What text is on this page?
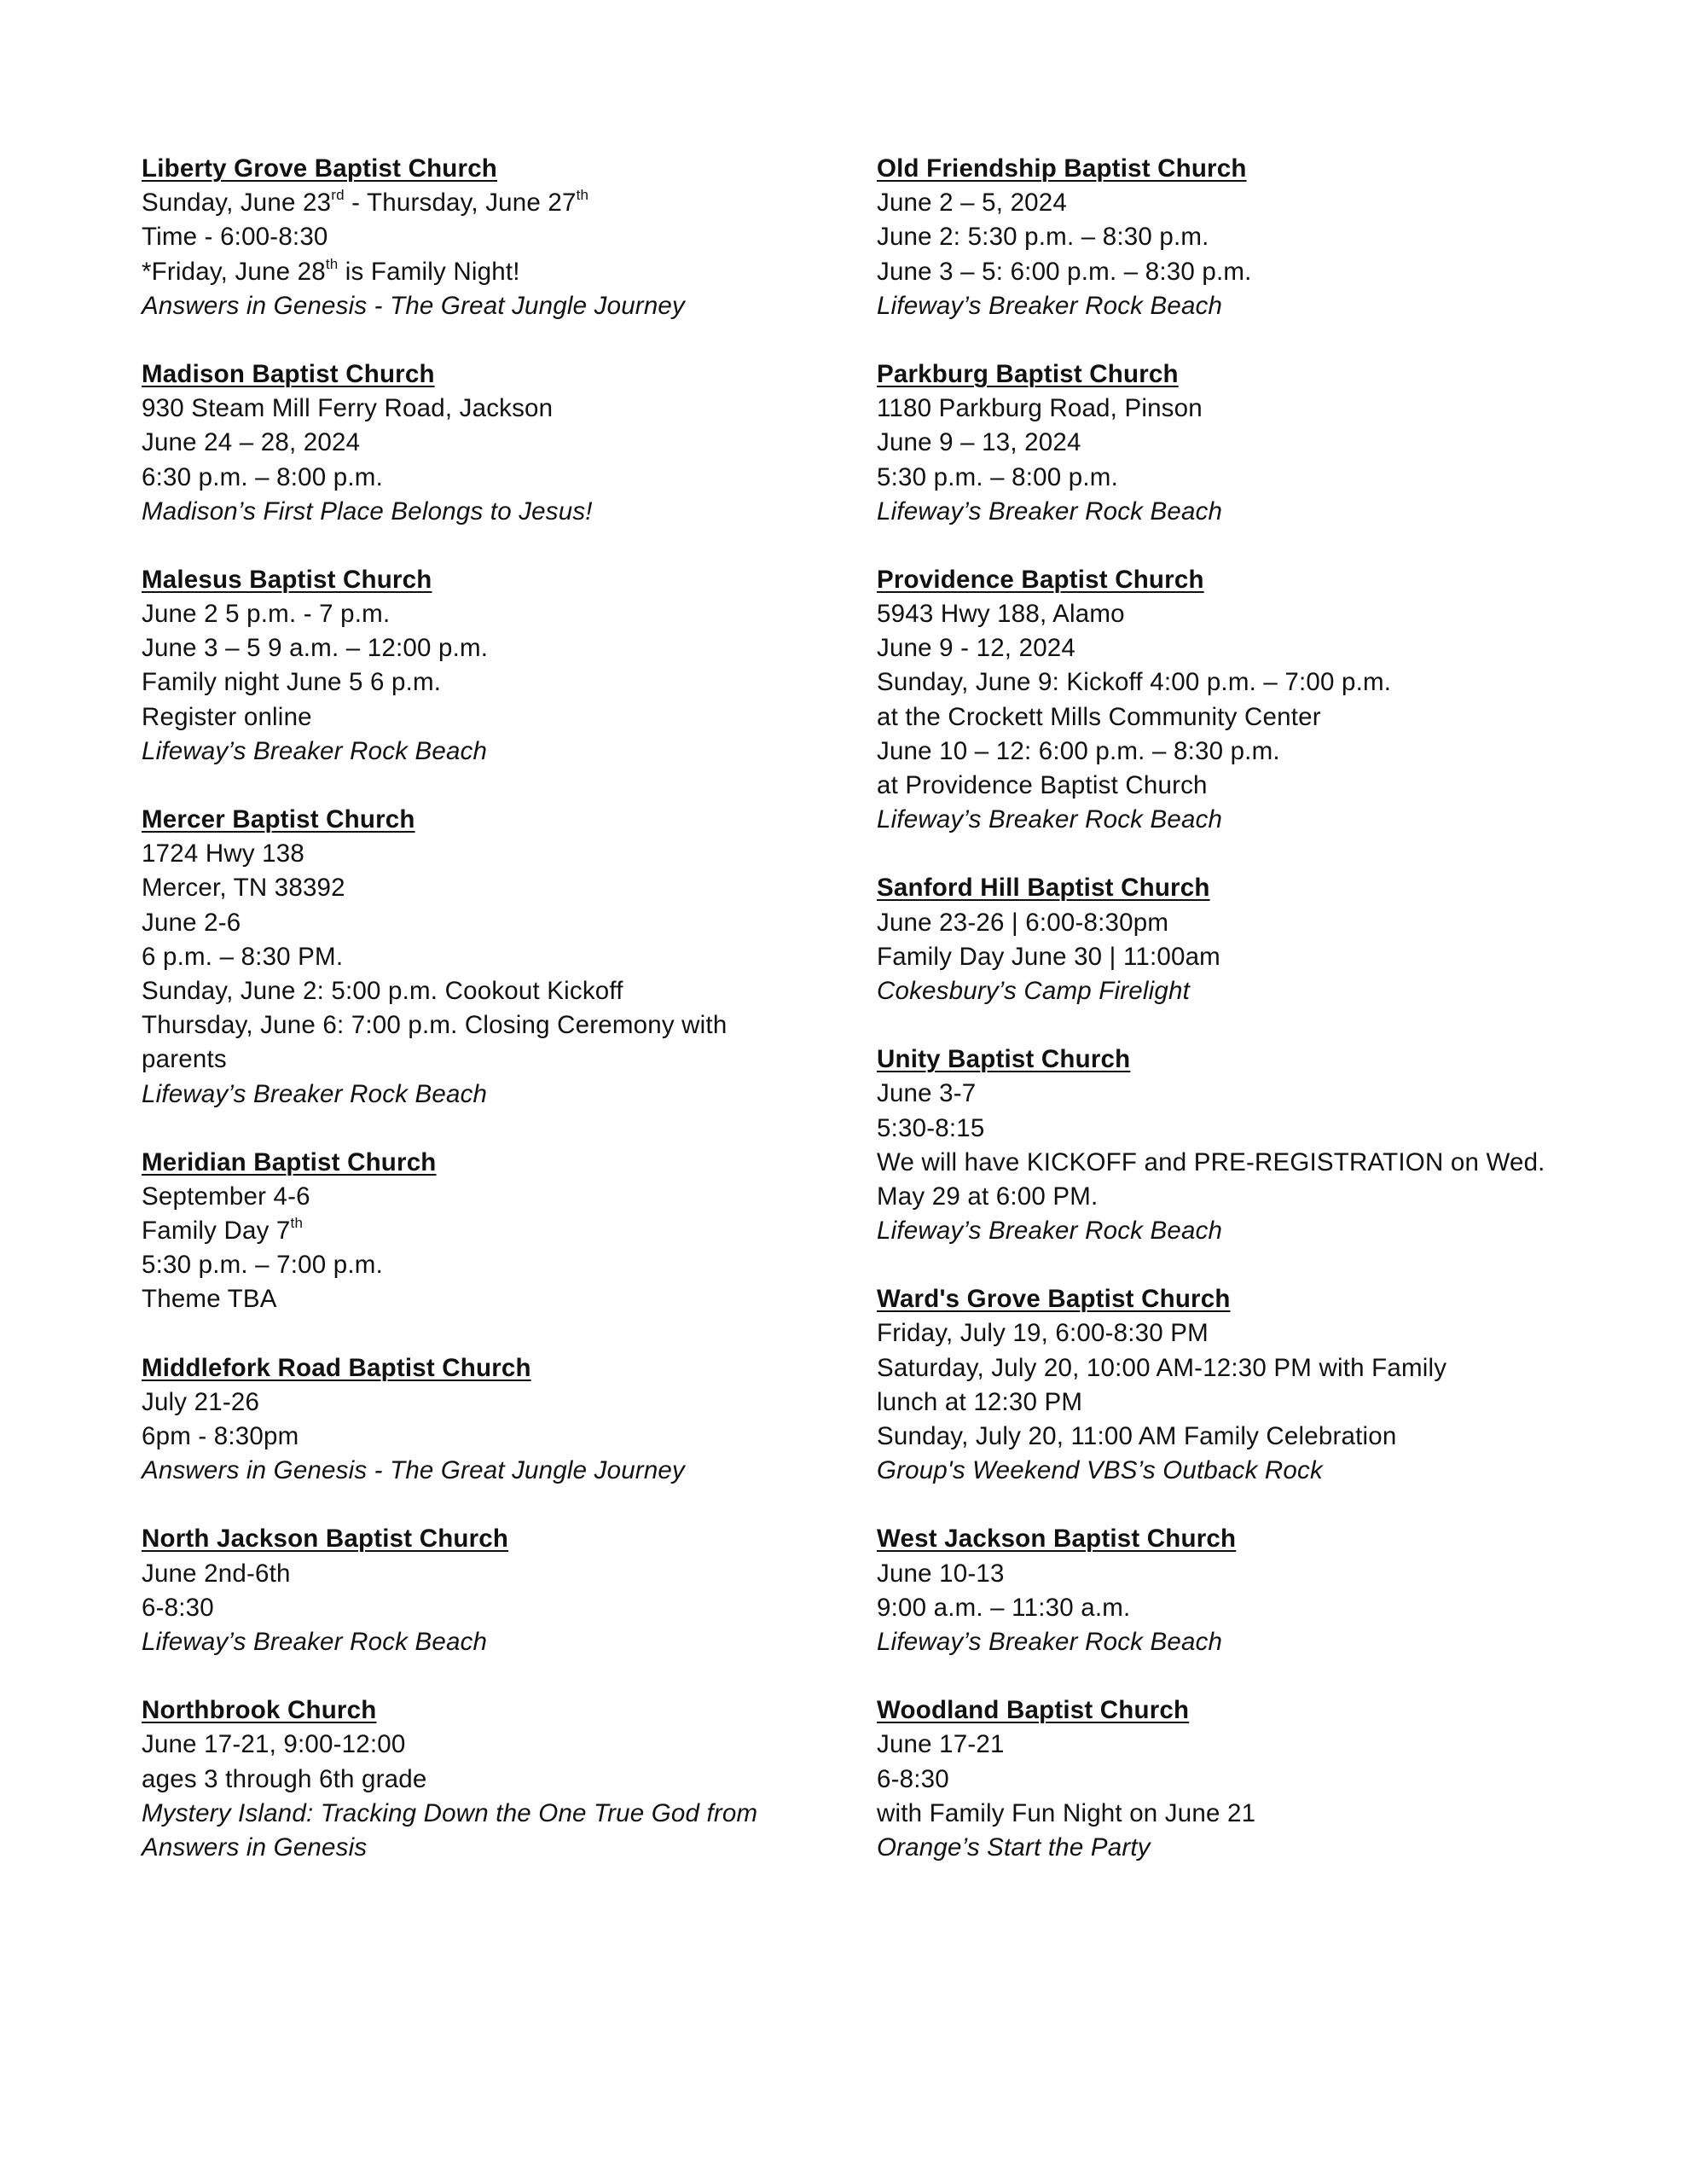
Liberty Grove Baptist Church
Sunday, June 23rd - Thursday, June 27th
Time - 6:00-8:30
*Friday, June 28th is Family Night!
Answers in Genesis - The Great Jungle Journey
Madison Baptist Church
930 Steam Mill Ferry Road, Jackson
June 24 – 28, 2024
6:30 p.m. – 8:00 p.m.
Madison’s First Place Belongs to Jesus!
Malesus Baptist Church
June 2 5 p.m. - 7 p.m.
June 3 – 5 9 a.m. – 12:00 p.m.
Family night June 5 6 p.m.
Register online
Lifeway’s Breaker Rock Beach
Mercer Baptist Church
1724 Hwy 138
Mercer, TN 38392
June 2-6
6 p.m. – 8:30 PM.
Sunday, June 2: 5:00 p.m. Cookout Kickoff
Thursday, June 6: 7:00 p.m. Closing Ceremony with
parents
Lifeway’s Breaker Rock Beach
Meridian Baptist Church
September 4-6
Family Day 7th
5:30 p.m. – 7:00 p.m.
Theme TBA
Middlefork Road Baptist Church
July 21-26
6pm - 8:30pm
Answers in Genesis - The Great Jungle Journey
North Jackson Baptist Church
June 2nd-6th
6-8:30
Lifeway’s Breaker Rock Beach
Northbrook Church
June 17-21, 9:00-12:00
ages 3 through 6th grade
Mystery Island: Tracking Down the One True God from
Answers in Genesis
Old Friendship Baptist Church
June 2 – 5, 2024
June 2: 5:30 p.m. – 8:30 p.m.
June 3 – 5: 6:00 p.m. – 8:30 p.m.
Lifeway’s Breaker Rock Beach
Parkburg Baptist Church
1180 Parkburg Road, Pinson
June 9 – 13, 2024
5:30 p.m. – 8:00 p.m.
Lifeway’s Breaker Rock Beach
Providence Baptist Church
5943 Hwy 188, Alamo
June 9 - 12, 2024
Sunday, June 9: Kickoff 4:00 p.m. – 7:00 p.m.
at the Crockett Mills Community Center
June 10 – 12: 6:00 p.m. – 8:30 p.m.
at Providence Baptist Church
Lifeway’s Breaker Rock Beach
Sanford Hill Baptist Church
June 23-26 | 6:00-8:30pm
Family Day June 30 | 11:00am
Cokesbury’s Camp Firelight
Unity Baptist Church
June 3-7
5:30-8:15
We will have KICKOFF and PRE-REGISTRATION on Wed.
May 29 at 6:00 PM.
Lifeway’s Breaker Rock Beach
Ward's Grove Baptist Church
Friday, July 19, 6:00-8:30 PM
Saturday, July 20, 10:00 AM-12:30 PM with Family
lunch at 12:30 PM
Sunday, July 20, 11:00 AM Family Celebration
Group's Weekend VBS’s Outback Rock
West Jackson Baptist Church
June 10-13
9:00 a.m. – 11:30 a.m.
Lifeway’s Breaker Rock Beach
Woodland Baptist Church
June 17-21
6-8:30
with Family Fun Night on June 21
Orange’s Start the Party
